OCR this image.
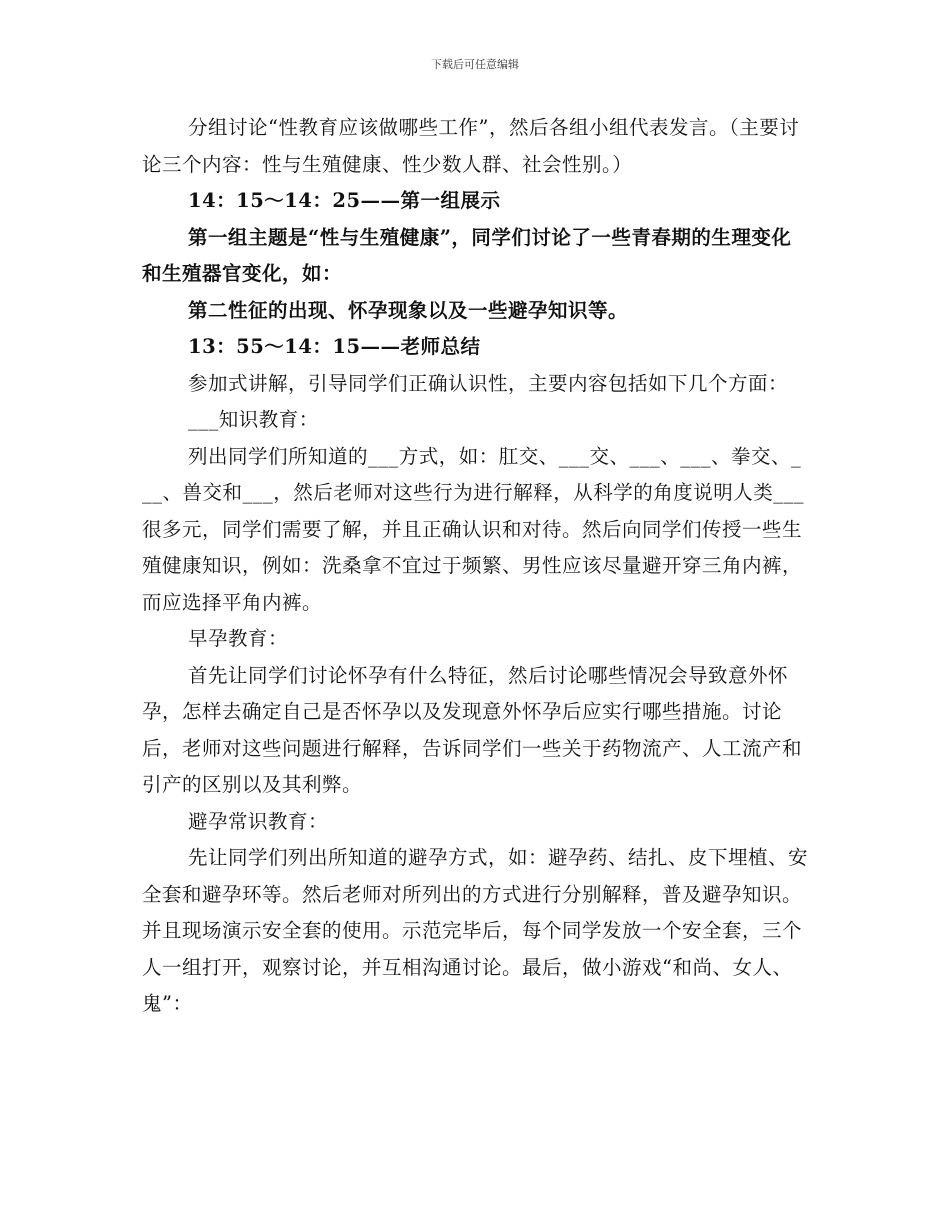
下载后可任意编辑

分组讨论“性教育应该做哪些工作”，然后各组小组代表发言。（主要讨论三个内容：性与生殖健康、性少数人群、社会性别。）

14：15～14：25——第一组展示

第一组主题是“性与生殖健康”，同学们讨论了一些青春期的生理变化和生殖器官变化，如：

第二性征的出现、怀孕现象以及一些避孕知识等。

13：55～14：15——老师总结

参加式讲解，引导同学们正确认识性，主要内容包括如下几个方面：

___知识教育：

列出同学们所知道的___方式，如：肛交、___交、___、___、拳交、___、兽交和___，然后老师对这些行为进行解释，从科学的角度说明人类___很多元，同学们需要了解，并且正确认识和对待。然后向同学们传授一些生殖健康知识，例如：洗桑拿不宜过于频繁、男性应该尽量避开穿三角内裤，而应选择平角内裤。

早孕教育：

首先让同学们讨论怀孕有什么特征，然后讨论哪些情况会导致意外怀孕，怎样去确定自己是否怀孕以及发现意外怀孕后应实行哪些措施。讨论后，老师对这些问题进行解释，告诉同学们一些关于药物流产、人工流产和引产的区别以及其利弊。

避孕常识教育：

先让同学们列出所知道的避孕方式，如：避孕药、结扎、皮下埋植、安全套和避孕环等。然后老师对所列出的方式进行分别解释，普及避孕知识。并且现场演示安全套的使用。示范完毕后，每个同学发放一个安全套，三个人一组打开，观察讨论，并互相沟通讨论。最后，做小游戏“和尚、女人、鬼”：
